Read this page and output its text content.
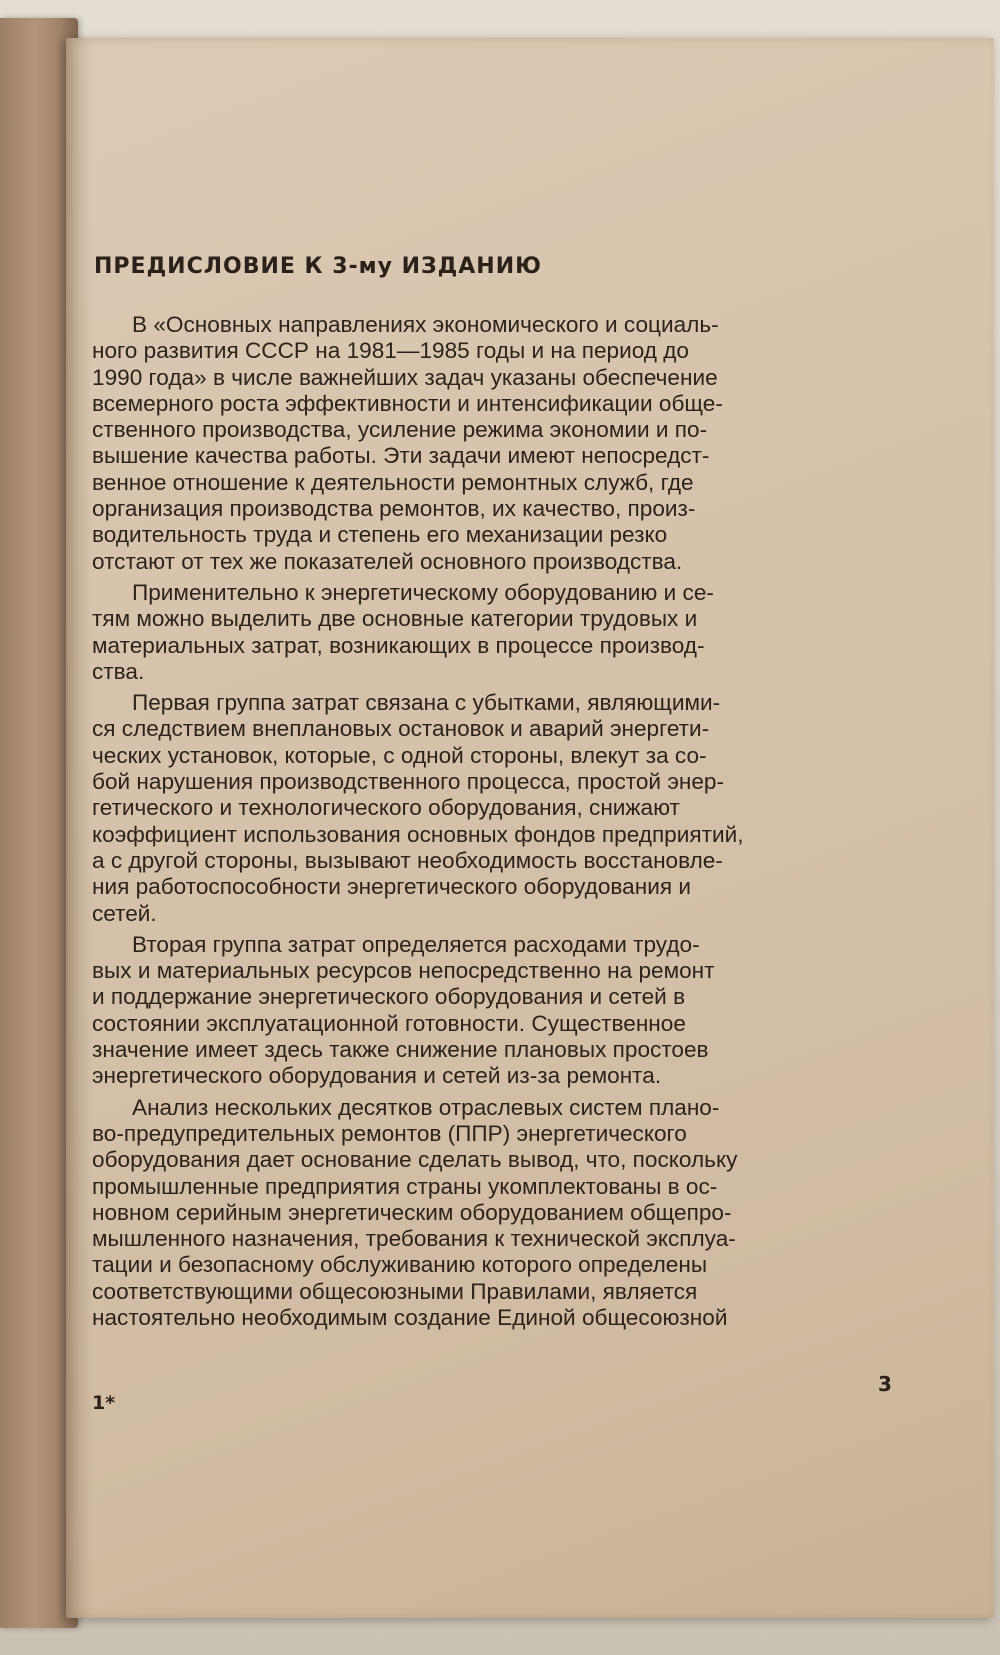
ПРЕДИСЛОВИЕ К 3-му ИЗДАНИЮ
В «Основных направлениях экономического и социаль-
ного развития СССР на 1981—1985 годы и на период до
1990 года» в числе важнейших задач указаны обеспечение
всемерного роста эффективности и интенсификации обще-
ственного производства, усиление режима экономии и по-
вышение качества работы. Эти задачи имеют непосредст-
венное отношение к деятельности ремонтных служб, где
организация производства ремонтов, их качество, произ-
водительность труда и степень его механизации резко
отстают от тех же показателей основного производства.
Применительно к энергетическому оборудованию и се-
тям можно выделить две основные категории трудовых и
материальных затрат, возникающих в процессе производ-
ства.
Первая группа затрат связана с убытками, являющими-
ся следствием внеплановых остановок и аварий энергети-
ческих установок, которые, с одной стороны, влекут за со-
бой нарушения производственного процесса, простой энер-
гетического и технологического оборудования, снижают
коэффициент использования основных фондов предприятий,
а с другой стороны, вызывают необходимость восстановле-
ния работоспособности энергетического оборудования и
сетей.
Вторая группа затрат определяется расходами трудо-
вых и материальных ресурсов непосредственно на ремонт
и поддержание энергетического оборудования и сетей в
состоянии эксплуатационной готовности. Существенное
значение имеет здесь также снижение плановых простоев
энергетического оборудования и сетей из-за ремонта.
Анализ нескольких десятков отраслевых систем плано-
во-предупредительных ремонтов (ППР) энергетического
оборудования дает основание сделать вывод, что, поскольку
промышленные предприятия страны укомплектованы в ос-
новном серийным энергетическим оборудованием общепро-
мышленного назначения, требования к технической эксплуа-
тации и безопасному обслуживанию которого определены
соответствующими общесоюзными Правилами, является
настоятельно необходимым создание Единой общесоюзной
3
1*
